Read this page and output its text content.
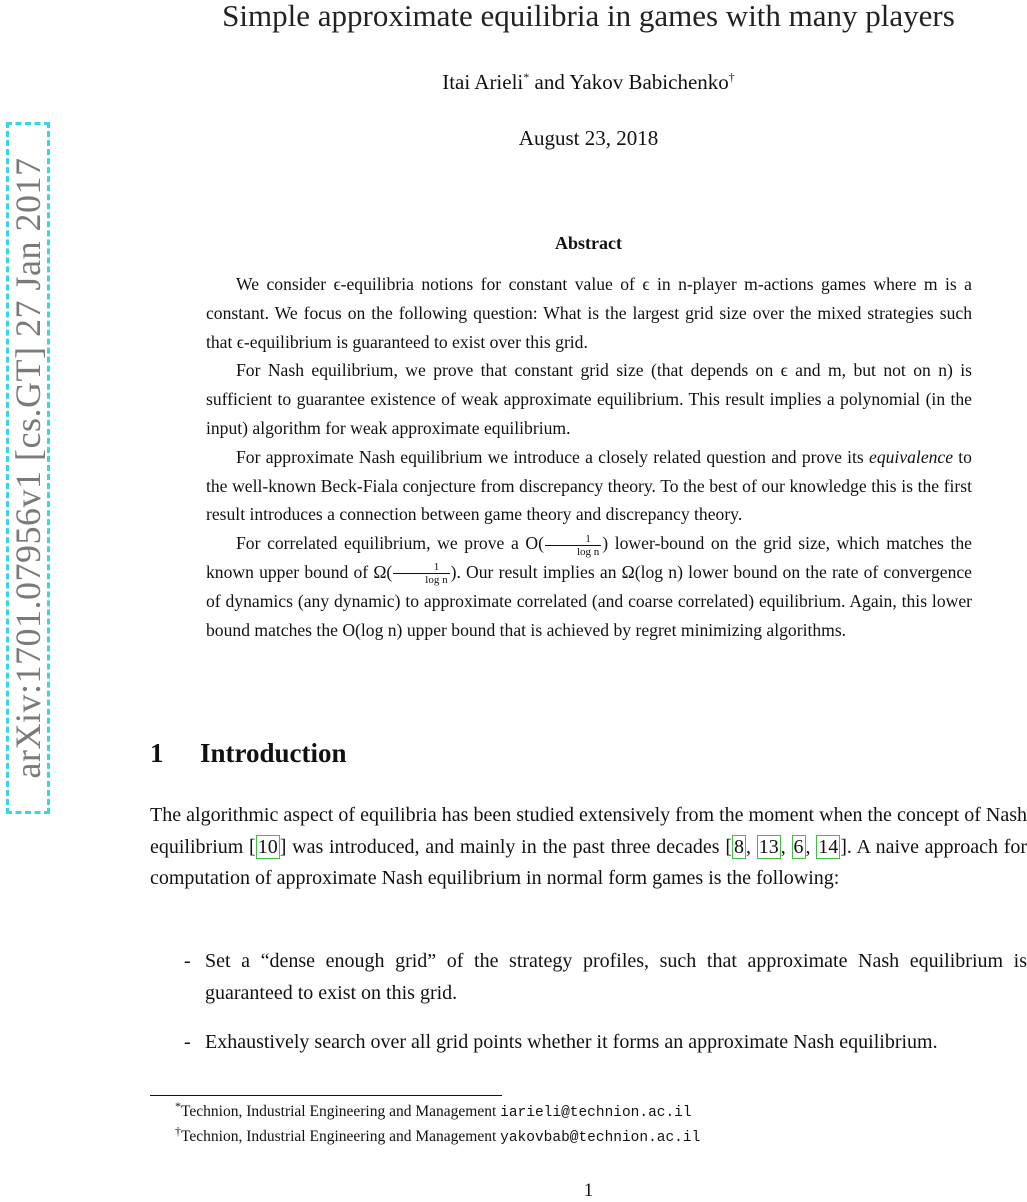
arXiv:1701.07956v1 [cs.GT] 27 Jan 2017
Simple approximate equilibria in games with many players
Itai Arieli* and Yakov Babichenko†
August 23, 2018
Abstract

We consider ϵ-equilibria notions for constant value of ϵ in n-player m-actions games where m is a constant. We focus on the following question: What is the largest grid size over the mixed strategies such that ϵ-equilibrium is guaranteed to exist over this grid.

For Nash equilibrium, we prove that constant grid size (that depends on ϵ and m, but not on n) is sufficient to guarantee existence of weak approximate equilibrium. This result implies a polynomial (in the input) algorithm for weak approximate equilibrium.

For approximate Nash equilibrium we introduce a closely related question and prove its equivalence to the well-known Beck-Fiala conjecture from discrepancy theory. To the best of our knowledge this is the first result introduces a connection between game theory and discrepancy theory.

For correlated equilibrium, we prove a $O( \frac{1}{\text{log n}}$ ) lower-bound on the grid size, which matches the known upper bound of $\Omega( \frac{1}{\text{log n}}$ ). Our result implies an Ω(log n) lower bound on the rate of convergence of dynamics (any dynamic) to approximate correlated (and coarse correlated) equilibrium. Again, this lower bound matches the O(log n) upper bound that is achieved by regret minimizing algorithms.

1 Introduction

The algorithmic aspect of equilibria has been studied extensively from the moment when the concept of Nash equilibrium [ 10 ] was introduced, and mainly in the past three decades [ 8 , 13 , 6 , 14 ]. A naive approach for computation of approximate Nash equilibrium in normal form games is the following:

- Set a “dense enough grid” of the strategy profiles, such that approximate Nash equilibrium is guaranteed to exist on this grid.
- Exhaustively search over all grid points whether it forms an approximate Nash equilibrium.
*Technion, Industrial Engineering and Management iarieli@technion.ac.il
†Technion, Industrial Engineering and Management yakovbab@technion.ac.il
1
